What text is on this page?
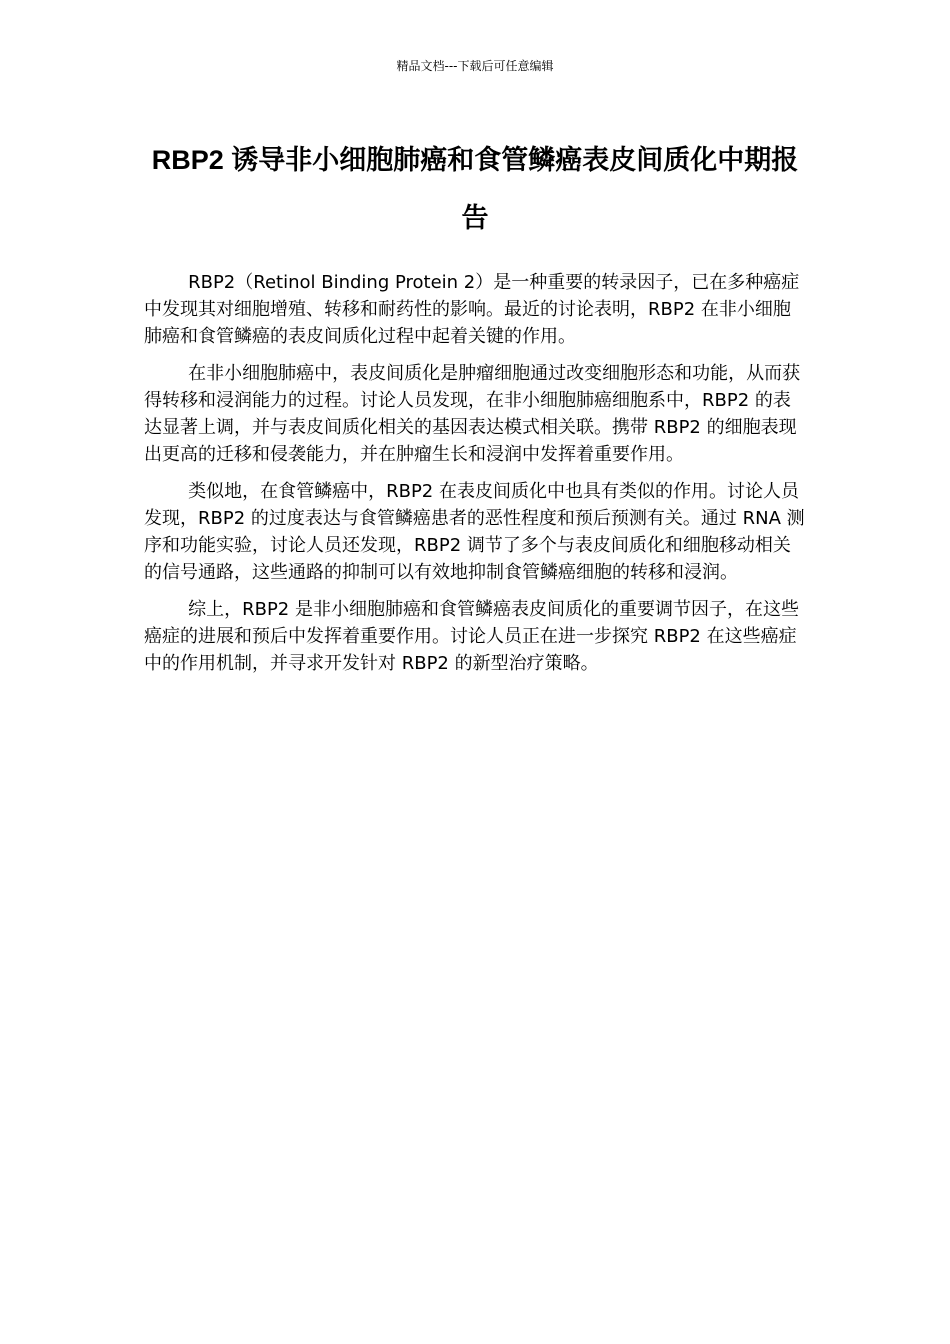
精品文档---下载后可任意编辑
RBP2 诱导非小细胞肺癌和食管鳞癌表皮间质化中期报告

RBP2（Retinol Binding Protein 2）是一种重要的转录因子，已在多种癌症中发现其对细胞增殖、转移和耐药性的影响。最近的讨论表明，RBP2 在非小细胞肺癌和食管鳞癌的表皮间质化过程中起着关键的作用。

在非小细胞肺癌中，表皮间质化是肿瘤细胞通过改变细胞形态和功能，从而获得转移和浸润能力的过程。讨论人员发现，在非小细胞肺癌细胞系中，RBP2 的表达显著上调，并与表皮间质化相关的基因表达模式相关联。携带 RBP2 的细胞表现出更高的迁移和侵袭能力，并在肿瘤生长和浸润中发挥着重要作用。

类似地，在食管鳞癌中，RBP2 在表皮间质化中也具有类似的作用。讨论人员发现，RBP2 的过度表达与食管鳞癌患者的恶性程度和预后预测有关。通过 RNA 测序和功能实验，讨论人员还发现，RBP2 调节了多个与表皮间质化和细胞移动相关的信号通路，这些通路的抑制可以有效地抑制食管鳞癌细胞的转移和浸润。

综上，RBP2 是非小细胞肺癌和食管鳞癌表皮间质化的重要调节因子，在这些癌症的进展和预后中发挥着重要作用。讨论人员正在进一步探究 RBP2 在这些癌症中的作用机制，并寻求开发针对 RBP2 的新型治疗策略。
